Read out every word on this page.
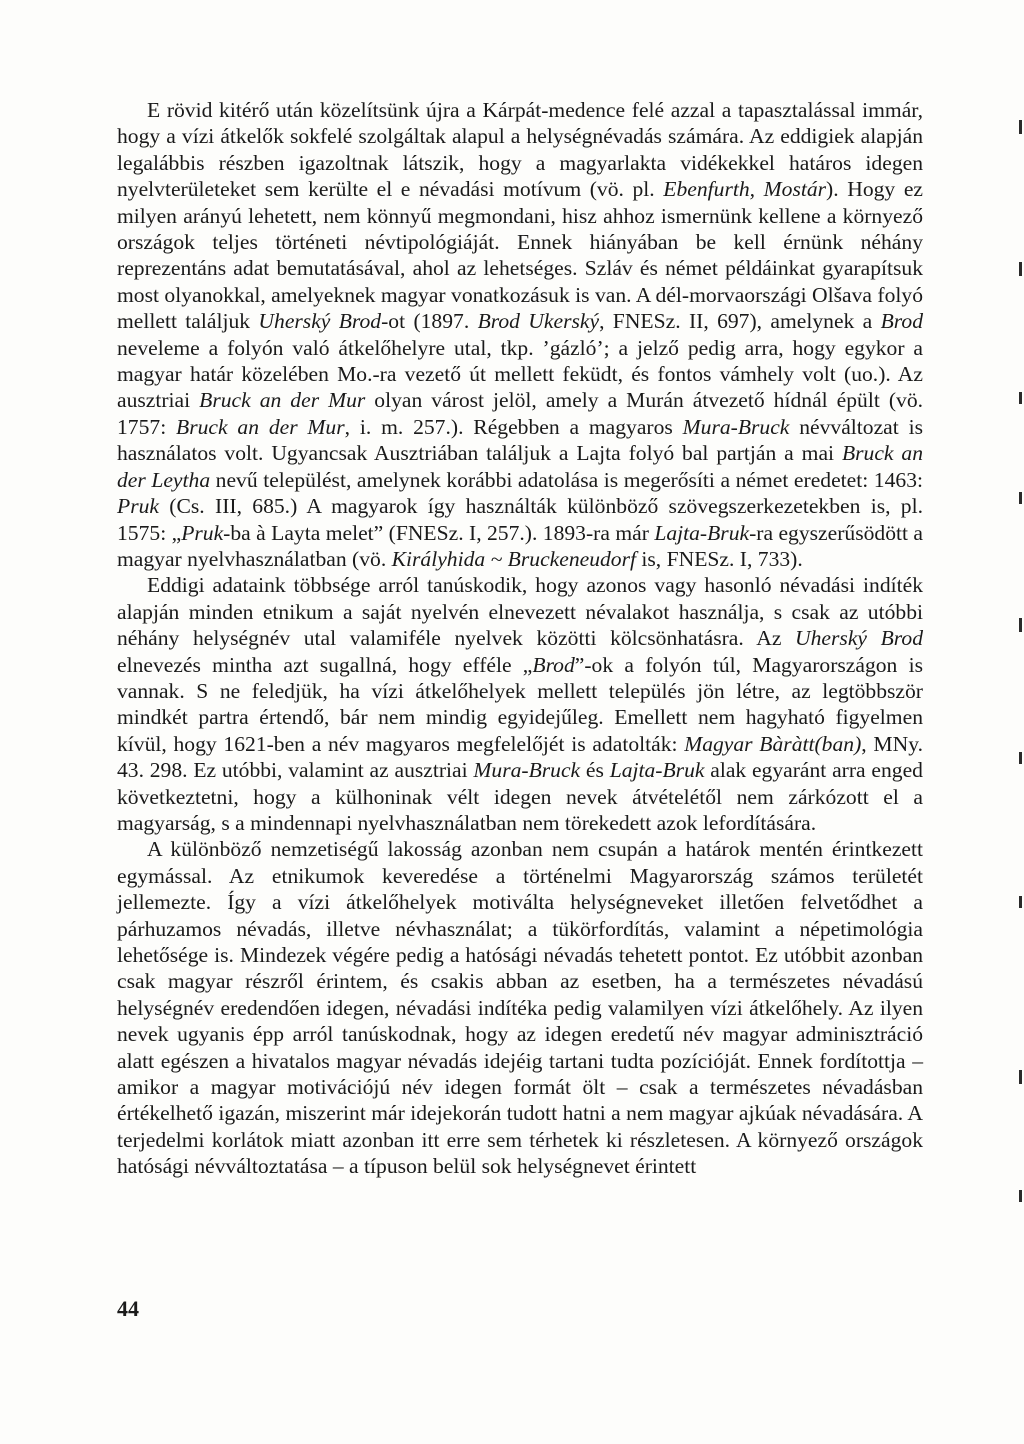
E rövid kitérő után közelítsünk újra a Kárpát-medence felé azzal a tapasztalással immár, hogy a vízi átkelők sokfelé szolgáltak alapul a helységnévadás számára. Az eddigiek alapján legalábbis részben igazoltnak látszik, hogy a magyarlakta vidékekkel határos idegen nyelvterületeket sem kerülte el e névadási motívum (vö. pl. Ebenfurth, Mostár). Hogy ez milyen arányú lehetett, nem könnyű megmondani, hisz ahhoz ismernünk kellene a környező országok teljes történeti névtipológiáját. Ennek hiányában be kell érnünk néhány reprezentáns adat bemutatásával, ahol az lehetséges. Szláv és német példáinkat gyarapítsuk most olyanokkal, amelyeknek magyar vonatkozásuk is van. A dél-morvaországi Olšava folyó mellett találjuk Uherský Brod-ot (1897. Brod Ukerský, FNESz. II, 697), amelynek a Brod neveleme a folyón való átkelőhelyre utal, tkp. ’gázló’; a jelző pedig arra, hogy egykor a magyar határ közelében Mo.-ra vezető út mellett feküdt, és fontos vámhely volt (uo.). Az ausztriai Bruck an der Mur olyan várost jelöl, amely a Murán átvezető hídnál épült (vö. 1757: Bruck an der Mur, i. m. 257.). Régebben a magyaros Mura-Bruck névváltozat is használatos volt. Ugyancsak Ausztriában találjuk a Lajta folyó bal partján a mai Bruck an der Leytha nevű települést, amelynek korábbi adatolása is megerősíti a német eredetet: 1463: Pruk (Cs. III, 685.) A magyarok így használták különböző szövegszerkezetekben is, pl. 1575: „Pruk-ba à Layta melet” (FNESz. I, 257.). 1893-ra már Lajta-Bruk-ra egyszerűsödött a magyar nyelvhasználatban (vö. Királyhida ~ Bruckeneudorf is, FNESz. I, 733).

Eddigi adataink többsége arról tanúskodik, hogy azonos vagy hasonló névadási indíték alapján minden etnikum a saját nyelvén elnevezett névalakot használja, s csak az utóbbi néhány helységnév utal valamiféle nyelvek közötti kölcsönhatásra. Az Uherský Brod elnevezés mintha azt sugallná, hogy efféle „Brod”-ok a folyón túl, Magyarországon is vannak. S ne feledjük, ha vízi átkelőhelyek mellett település jön létre, az legtöbbször mindkét partra értendő, bár nem mindig egyidejűleg. Emellett nem hagyható figyelmen kívül, hogy 1621-ben a név magyaros megfelelőjét is adatolták: Magyar Bàràtt(ban), MNy. 43. 298. Ez utóbbi, valamint az ausztriai Mura-Bruck és Lajta-Bruk alak egyaránt arra enged következtetni, hogy a külhoninak vélt idegen nevek átvételétől nem zárkózott el a magyarság, s a mindennapi nyelvhasználatban nem törekedett azok lefordítására.

A különböző nemzetiségű lakosság azonban nem csupán a határok mentén érintkezett egymással. Az etnikumok keveredése a történelmi Magyarország számos területét jellemezte. Így a vízi átkelőhelyek motiválta helységneveket illetően felvetődhet a párhuzamos névadás, illetve névhasználat; a tükörfordítás, valamint a népetimológia lehetősége is. Mindezek végére pedig a hatósági névadás tehetett pontot. Ez utóbbit azonban csak magyar részről érintem, és csakis abban az esetben, ha a természetes névadású helységnév eredendően idegen, névadási indítéka pedig valamilyen vízi átkelőhely. Az ilyen nevek ugyanis épp arról tanúskodnak, hogy az idegen eredetű név magyar adminisztráció alatt egészen a hivatalos magyar névadás idejéig tartani tudta pozícióját. Ennek fordítottja – amikor a magyar motivációjú név idegen formát ölt – csak a természetes névadásban értékelhető igazán, miszerint már idejekorán tudott hatni a nem magyar ajkúak névadására. A terjedelmi korlátok miatt azonban itt erre sem térhetek ki részletesen. A környező országok hatósági névváltoztatása – a típuson belül sok helységnevet érintett

44
